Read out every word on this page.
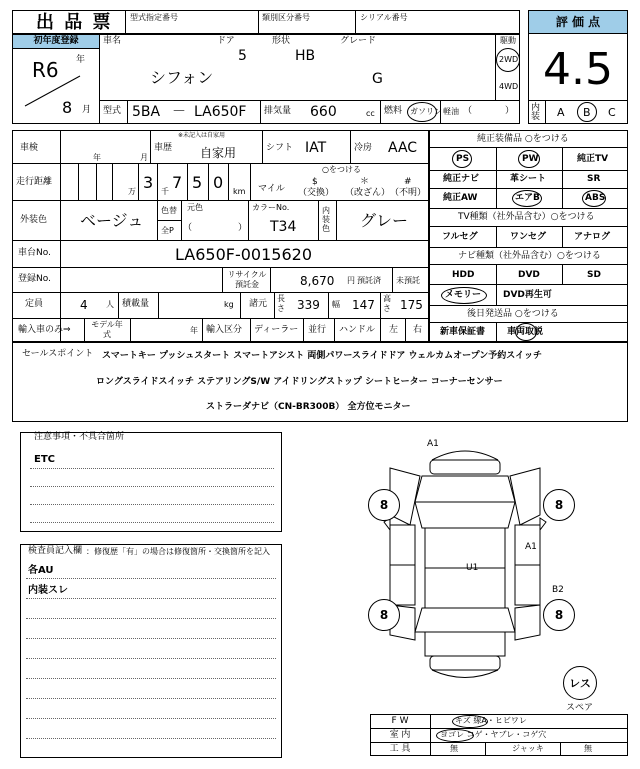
出 品 票 型式指定番号	類別区分番号	シリアル番号	評 価 点
4.5
内装 A B C
初年度登録
R6 年
8 月
車名
シフォン
ドア
5
形状
HB
グレード
G
駆動
2WD
4WD
型式 5BA － LA650F 排気量 660	cc 燃料 ガソリン 軽油 （	）
車検
年	月
車歴
※未記入は自家用
自家用	シフト IAT	冷房 AAC
走行距離
万 3 千 7 5 0 km
○をつける
マイル
$
（交換）
＊
（改ざん）
#
（不明）
外装色 ベージュ
色替
全P
元色
（	）
カラーNo.
T34
内装色 グレー
車台No.	LA650F-0015620
登録No.	リサイクル預託金	8,670 円 預託済 未預託
定員	4 人 積載量	kg 諸元
長さ 339 幅 147 高さ 175
輸入車のみ⇒
モデル年式	年 輸入区分 ディーラー 並行 ハンドル 左 右
純正装備品 ○をつける
PS	PW	純正TV
純正ナビ	革シート	SR
純正AW	エアB	ABS
TV種類（社外品含む）○をつける
フルセグ	ワンセグ	アナログ
ナビ種類（社外品含む）○をつける
HDD	DVD	SD
メモリー DVD再生可
後日発送品 ○をつける
新車保証書 車両取説
セールスポイント スマートキー プッシュスタート スマートアシスト 両側パワースライドドア ウェルカムオープン予約スイッチ
ロングスライドスイッチ ステアリングS/W アイドリングストップ シートヒーター コーナーセンサー
ストラーダナビ（CN-BR300B） 全方位モニター
注意事項・不具合箇所
ETC
検査員記入欄 ：修復歴「有」の場合は修復箇所・交換箇所を記入
各AU
内装スレ
8	8
8	8
A1
A1
U1
B2
レス
スペア
F W	キズ 線A・ヒビワレ
室 内	ヨゴレ コゲ・ヤブレ・コゲ穴
工 具	無	ジャッキ	無
